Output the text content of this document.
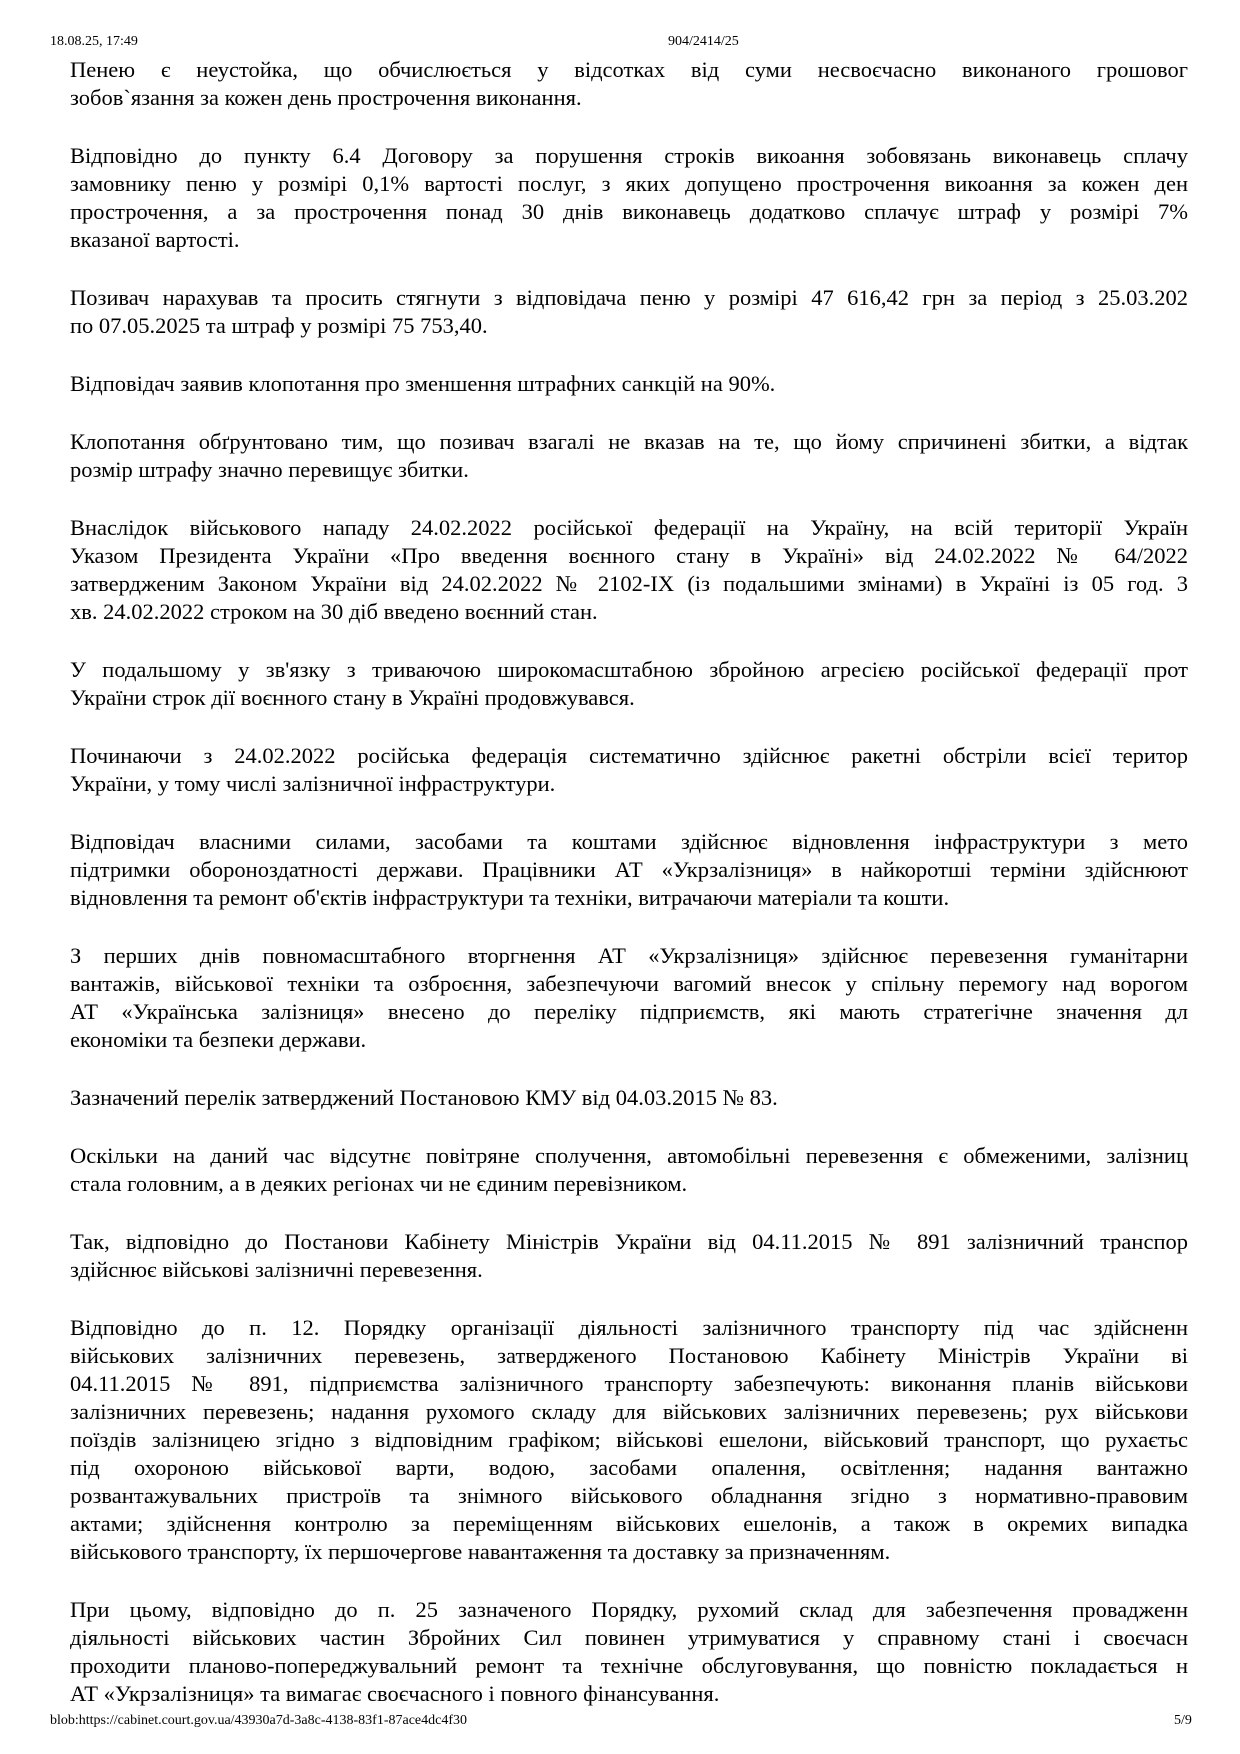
18.08.25, 17:49	904/2414/25

Пенею є неустойка, що обчислюється у відсотках від суми несвоєчасно виконаного грошовог
зобов`язання за кожен день прострочення виконання.

Відповідно до пункту 6.4 Договору за порушення строків викоання зобовязань виконавець сплачу
замовнику пеню у розмірі 0,1% вартості послуг, з яких допущено прострочення викоання за кожен ден
прострочення, а за прострочення понад 30 днів виконавець додатково сплачує штраф у розмірі 7%
вказаної вартості.

Позивач нарахував та просить стягнути з відповідача пеню у розмірі 47 616,42 грн за період з 25.03.202
по 07.05.2025 та штраф у розмірі 75 753,40.

Відповідач заявив клопотання про зменшення штрафних санкцій на 90%.

Клопотання обґрунтовано тим, що позивач взагалі не вказав на те, що йому спричинені збитки, а відтак
розмір штрафу значно перевищує збитки.

Внаслідок військового нападу 24.02.2022 російської федерації на Україну, на всій території Україн
Указом Президента України «Про введення воєнного стану в Україні» від 24.02.2022 № 64/2022
затвердженим Законом України від 24.02.2022 № 2102-IX (із подальшими змінами) в Україні із 05 год. 3
хв. 24.02.2022 строком на 30 діб введено воєнний стан.

У подальшому у зв'язку з триваючою широкомасштабною збройною агресією російської федерації прот
України строк дії воєнного стану в Україні продовжувався.

Починаючи з 24.02.2022 російська федерація систематично здійснює ракетні обстріли всієї територ
України, у тому числі залізничної інфраструктури.

Відповідач власними силами, засобами та коштами здійснює відновлення інфраструктури з мето
підтримки обороноздатності держави. Працівники АТ «Укрзалізниця» в найкоротші терміни здійснюют
відновлення та ремонт об'єктів інфраструктури та техніки, витрачаючи матеріали та кошти.

З перших днів повномасштабного вторгнення АТ «Укрзалізниця» здійснює перевезення гуманітарни
вантажів, військової техніки та озброєння, забезпечуючи вагомий внесок у спільну перемогу над ворогом
АТ «Українська залізниця» внесено до переліку підприємств, які мають стратегічне значення дл
економіки та безпеки держави.

Зазначений перелік затверджений Постановою КМУ від 04.03.2015 № 83.

Оскільки на даний час відсутнє повітряне сполучення, автомобільні перевезення є обмеженими, залізниц
стала головним, а в деяких регіонах чи не єдиним перевізником.

Так, відповідно до Постанови Кабінету Міністрів України від 04.11.2015 № 891 залізничний транспор
здійснює військові залізничні перевезення.

Відповідно до п. 12. Порядку організації діяльності залізничного транспорту під час здійсненн
військових залізничних перевезень, затвердженого Постановою Кабінету Міністрів України ві
04.11.2015 № 891, підприємства залізничного транспорту забезпечують: виконання планів військови
залізничних перевезень; надання рухомого складу для військових залізничних перевезень; рух військови
поїздів залізницею згідно з відповідним графіком; військові ешелони, військовий транспорт, що рухаєтьс
під охороною військової варти, водою, засобами опалення, освітлення; надання вантажно
розвантажувальних пристроїв та знімного військового обладнання згідно з нормативно-правовим
актами; здійснення контролю за переміщенням військових ешелонів, а також в окремих випадка
військового транспорту, їх першочергове навантаження та доставку за призначенням.

При цьому, відповідно до п. 25 зазначеного Порядку, рухомий склад для забезпечення провадженн
діяльності військових частин Збройних Сил повинен утримуватися у справному стані і своєчасн
проходити планово-попереджувальний ремонт та технічне обслуговування, що повністю покладається н
АТ «Укрзалізниця» та вимагає своєчасного і повного фінансування.

blob:https://cabinet.court.gov.ua/43930a7d-3a8c-4138-83f1-87ace4dc4f30	5/9
